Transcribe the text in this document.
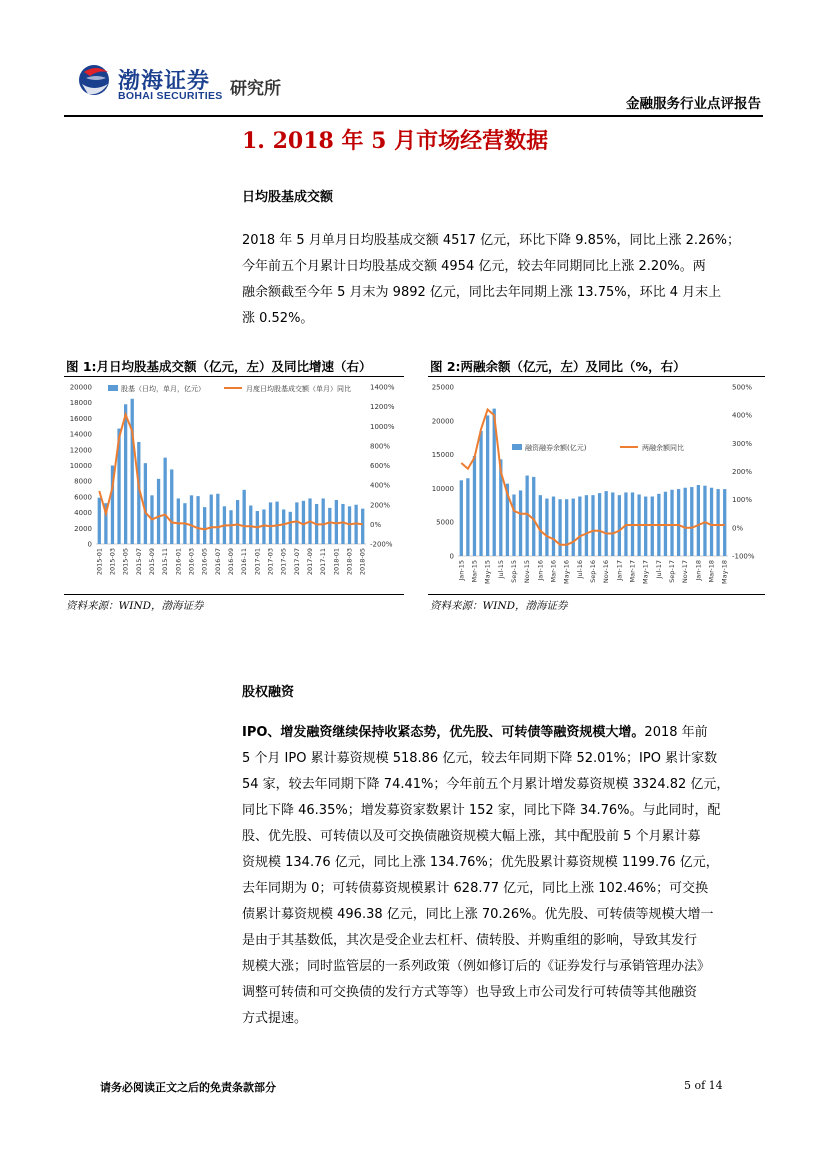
渤海证券
BOHAI SECURITIES 研究所
金融服务行业点评报告
1. 2018 年 5 月市场经营数据
日均股基成交额

2018 年 5 月单月日均股基成交额 4517 亿元，环比下降 9.85%，同比上涨 2.26%；

今年前五个月累计日均股基成交额 4954 亿元，较去年同期同比上涨 2.20%。两

融余额截至今年 5 月末为 9892 亿元，同比去年同期上涨 13.75%，环比 4 月末上

涨 0.52%。

图 1:月日均股基成交额（亿元，左）及同比增速（右）
20000
18000
16000
14000
12000
10000
8000
6000
4000
2000
0
1400%
1200%
1000%
800%
600%
400%
200%
0%
-200%
2015-01 2015-03 2015-05 2015-07 2015-09 2015-11 2016-01 2016-03 2016-05 2016-07 2016-09 2016-11 2017-01 2017-03 2017-05 2017-07 2017-09 2017-11 2018-01 2018-03 2018-05
股基（日均，单月，亿元）	月度日均股基成交额（单月）同比
资料来源：WIND，渤海证券
图 2:两融余额（亿元，左）及同比（%，右）
25000
20000
15000
10000
5000
0
500%
400%
300%
200%
100%
0%
-100%
Jan-15 Mar-15 May-15 Jul-15 Sep-15 Nov-15 Jan-16 Mar-16 May-16 Jul-16 Sep-16 Nov-16 Jan-17 Mar-17 May-17 Jul-17 Sep-17 Nov-17 Jan-18 Mar-18 May-18
融资融券余额(亿元)	两融余额同比
资料来源：WIND，渤海证券
股权融资

IPO、增发融资继续保持收紧态势，优先股、可转债等融资规模大增。2018 年前

5 个月 IPO 累计募资规模 518.86 亿元，较去年同期下降 52.01%；IPO 累计家数

54 家，较去年同期下降 74.41%；今年前五个月累计增发募资规模 3324.82 亿元，

同比下降 46.35%；增发募资家数累计 152 家，同比下降 34.76%。与此同时，配

股、优先股、可转债以及可交换债融资规模大幅上涨，其中配股前 5 个月累计募

资规模 134.76 亿元，同比上涨 134.76%；优先股累计募资规模 1199.76 亿元，

去年同期为 0；可转债募资规模累计 628.77 亿元，同比上涨 102.46%；可交换

债累计募资规模 496.38 亿元，同比上涨 70.26%。优先股、可转债等规模大增一

是由于其基数低，其次是受企业去杠杆、债转股、并购重组的影响，导致其发行

规模大涨；同时监管层的一系列政策（例如修订后的《证券发行与承销管理办法》

调整可转债和可交换债的发行方式等等）也导致上市公司发行可转债等其他融资

方式提速。

请务必阅读正文之后的免责条款部分	5 of 14
